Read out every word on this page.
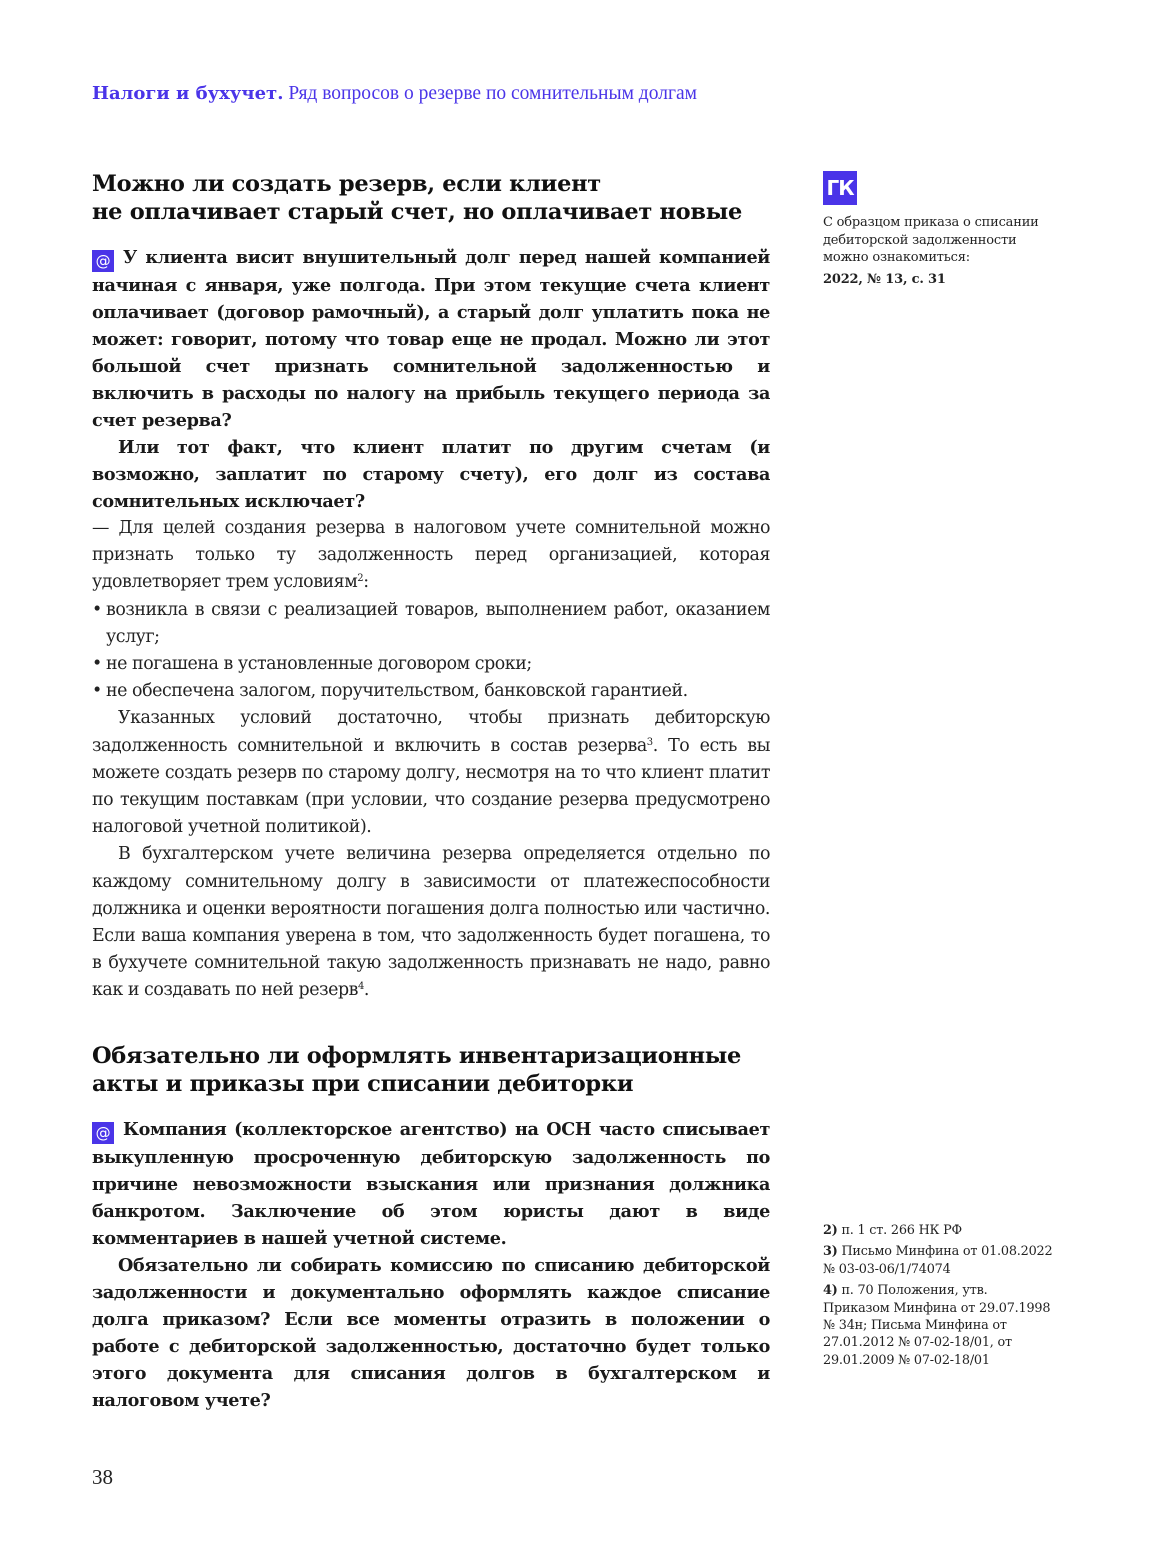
Налоги и бухучет. Ряд вопросов о резерве по сомнительным долгам
Можно ли создать резерв, если клиент
не оплачивает старый счет, но оплачивает новые

@ У клиента висит внушительный долг перед нашей компанией начиная с января, уже полгода. При этом текущие счета клиент оплачивает (договор рамочный), а старый долг уплатить пока не может: говорит, потому что товар еще не продал. Можно ли этот большой счет признать сомнительной задолженностью и включить в расходы по налогу на прибыль текущего периода за счет резерва?

Или тот факт, что клиент платит по другим счетам (и возможно, заплатит по старому счету), его долг из состава сомнительных исключает?

— Для целей создания резерва в налоговом учете сомнительной можно признать только ту задолженность перед организацией, которая удовлетворяет трем условиям$^2$:

• возникла в связи с реализацией товаров, выполнением работ, оказанием услуг;
• не погашена в установленные договором сроки;
• не обеспечена залогом, поручительством, банковской гарантией.

Указанных условий достаточно, чтобы признать дебиторскую задолженность сомнительной и включить в состав резерва$^3$. То есть вы можете создать резерв по старому долгу, несмотря на то что клиент платит по текущим поставкам (при условии, что создание резерва предусмотрено налоговой учетной политикой).

В бухгалтерском учете величина резерва определяется отдельно по каждому сомнительному долгу в зависимости от платежеспособности должника и оценки вероятности погашения долга полностью или частично. Если ваша компания уверена в том, что задолженность будет погашена, то в бухучете сомнительной такую задолженность признавать не надо, равно как и создавать по ней резерв$^4$.

Обязательно ли оформлять инвентаризационные
акты и приказы при списании дебиторки

@ Компания (коллекторское агентство) на ОСН часто списывает выкупленную просроченную дебиторскую задолженность по причине невозможности взыскания или признания должника банкротом. Заключение об этом юристы дают в виде комментариев в нашей учетной системе.

Обязательно ли собирать комиссию по списанию дебиторской задолженности и документально оформлять каждое списание долга приказом? Если все моменты отразить в положении о работе с дебиторской задолженностью, достаточно будет только этого документа для списания долгов в бухгалтерском и налоговом учете?

ГК
С образцом приказа о списании дебиторской задолженности можно ознакомиться:
2022, № 13, с. 31
2) п. 1 ст. 266 НК РФ
3) Письмо Минфина от 01.08.2022 № 03-03-06/1/74074
4) п. 70 Положения, утв. Приказом Минфина от 29.07.1998 № 34н; Письма Минфина от 27.01.2012 № 07-02-18/01, от 29.01.2009 № 07-02-18/01
38
